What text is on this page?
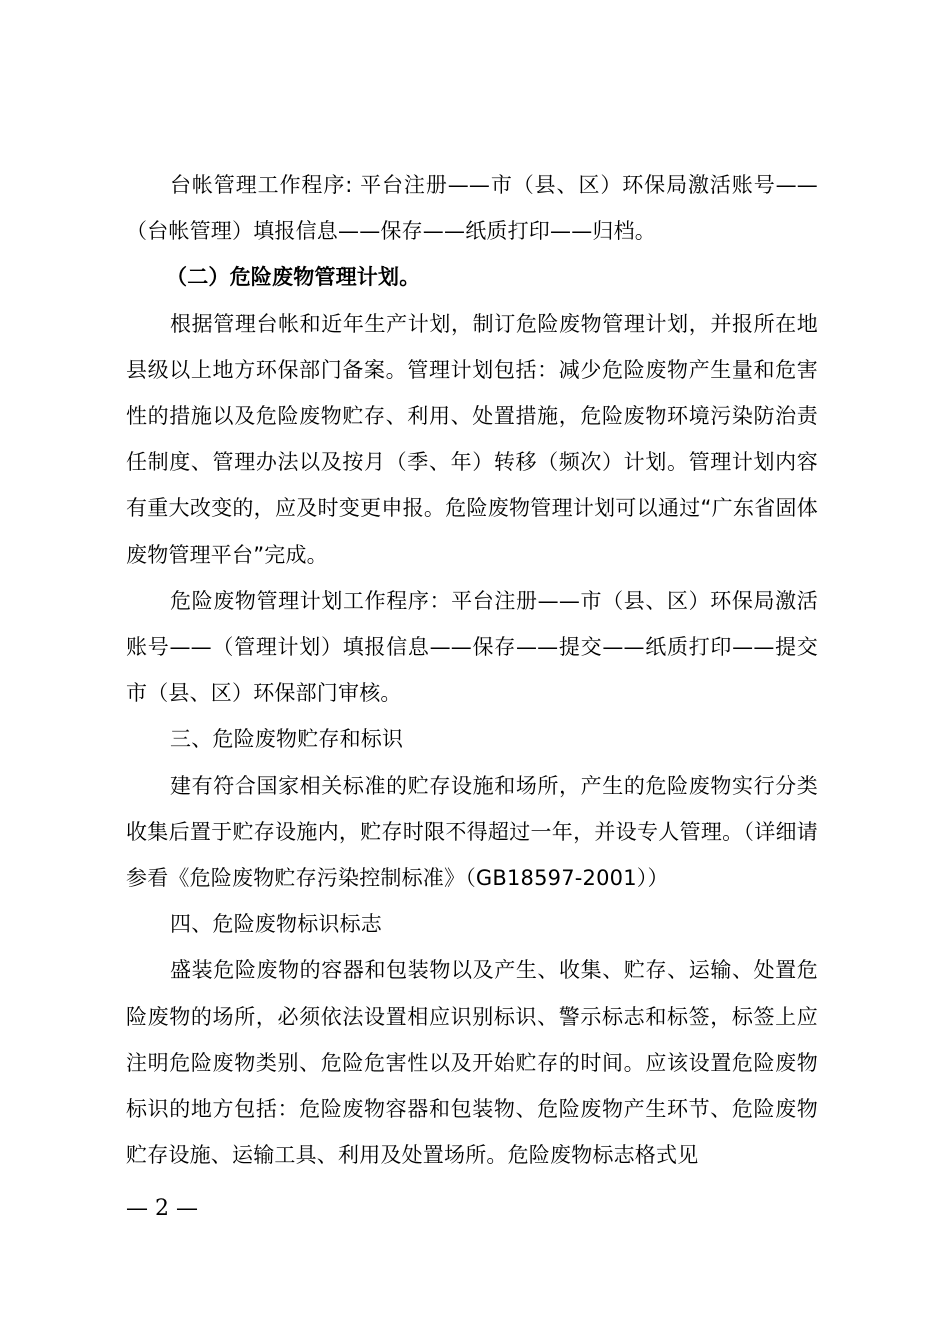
台帐管理工作程序: 平台注册——市（县、区）环保局激活账号——（台帐管理）填报信息——保存——纸质打印——归档。

（二）危险废物管理计划。

根据管理台帐和近年生产计划，制订危险废物管理计划，并报所在地县级以上地方环保部门备案。管理计划包括：减少危险废物产生量和危害性的措施以及危险废物贮存、利用、处置措施，危险废物环境污染防治责任制度、管理办法以及按月（季、年）转移（频次）计划。管理计划内容有重大改变的，应及时变更申报。危险废物管理计划可以通过“广东省固体废物管理平台”完成。

危险废物管理计划工作程序：平台注册——市（县、区）环保局激活账号——（管理计划）填报信息——保存——提交——纸质打印——提交市（县、区）环保部门审核。

三、危险废物贮存和标识

建有符合国家相关标准的贮存设施和场所，产生的危险废物实行分类收集后置于贮存设施内，贮存时限不得超过一年，并设专人管理。（详细请参看《危险废物贮存污染控制标准》（GB18597-2001））

四、危险废物标识标志

盛装危险废物的容器和包装物以及产生、收集、贮存、运输、处置危险废物的场所，必须依法设置相应识别标识、警示标志和标签，标签上应注明危险废物类别、危险危害性以及开始贮存的时间。应该设置危险废物标识的地方包括：危险废物容器和包装物、危险废物产生环节、危险废物贮存设施、运输工具、利用及处置场所。危险废物标志格式见

— 2 —
